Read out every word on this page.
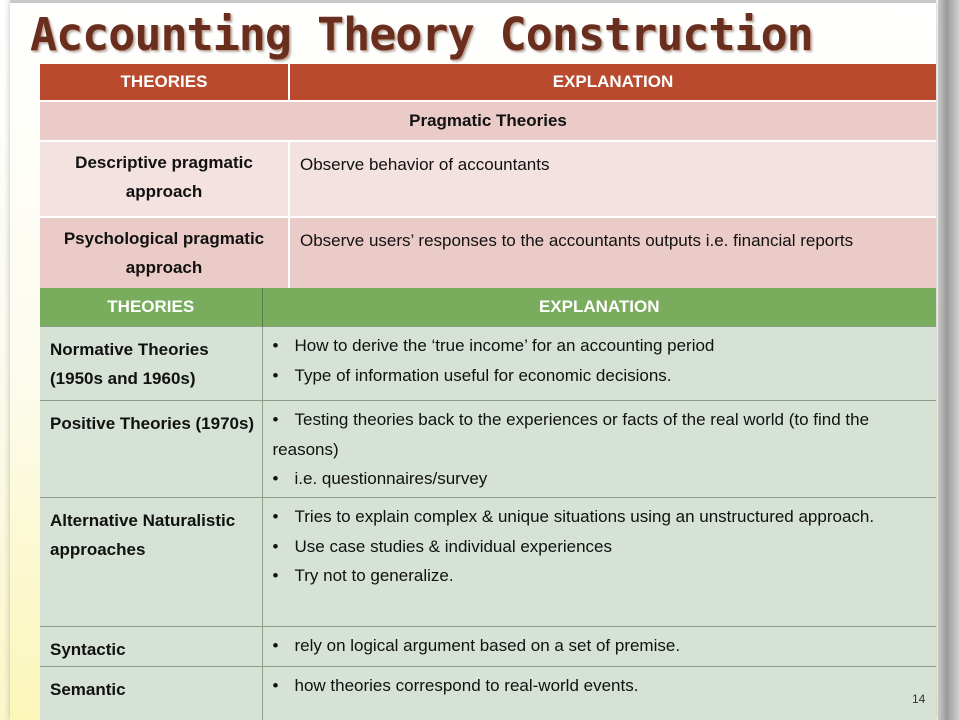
Accounting Theory Construction
THEORIES	EXPLANATION
Pragmatic Theories	
Descriptive pragmatic approach	Observe behavior of accountants
Psychological pragmatic approach	Observe users’ responses to the accountants outputs i.e. financial reports
THEORIES	EXPLANATION
Normative Theories (1950s and 1960s)	• How to derive the ‘true income’ for an accounting period
• Type of information useful for economic decisions.

Positive Theories (1970s)	• Testing theories back to the experiences or facts of the real world (to find the reasons)
• i.e. questionnaires/survey

Alternative Naturalistic approaches	• Tries to explain complex & unique situations using an unstructured approach.
• Use case studies & individual experiences
• Try not to generalize.

Syntactic	• rely on logical argument based on a set of premise.

Semantic	• how theories correspond to real-world events.
14
